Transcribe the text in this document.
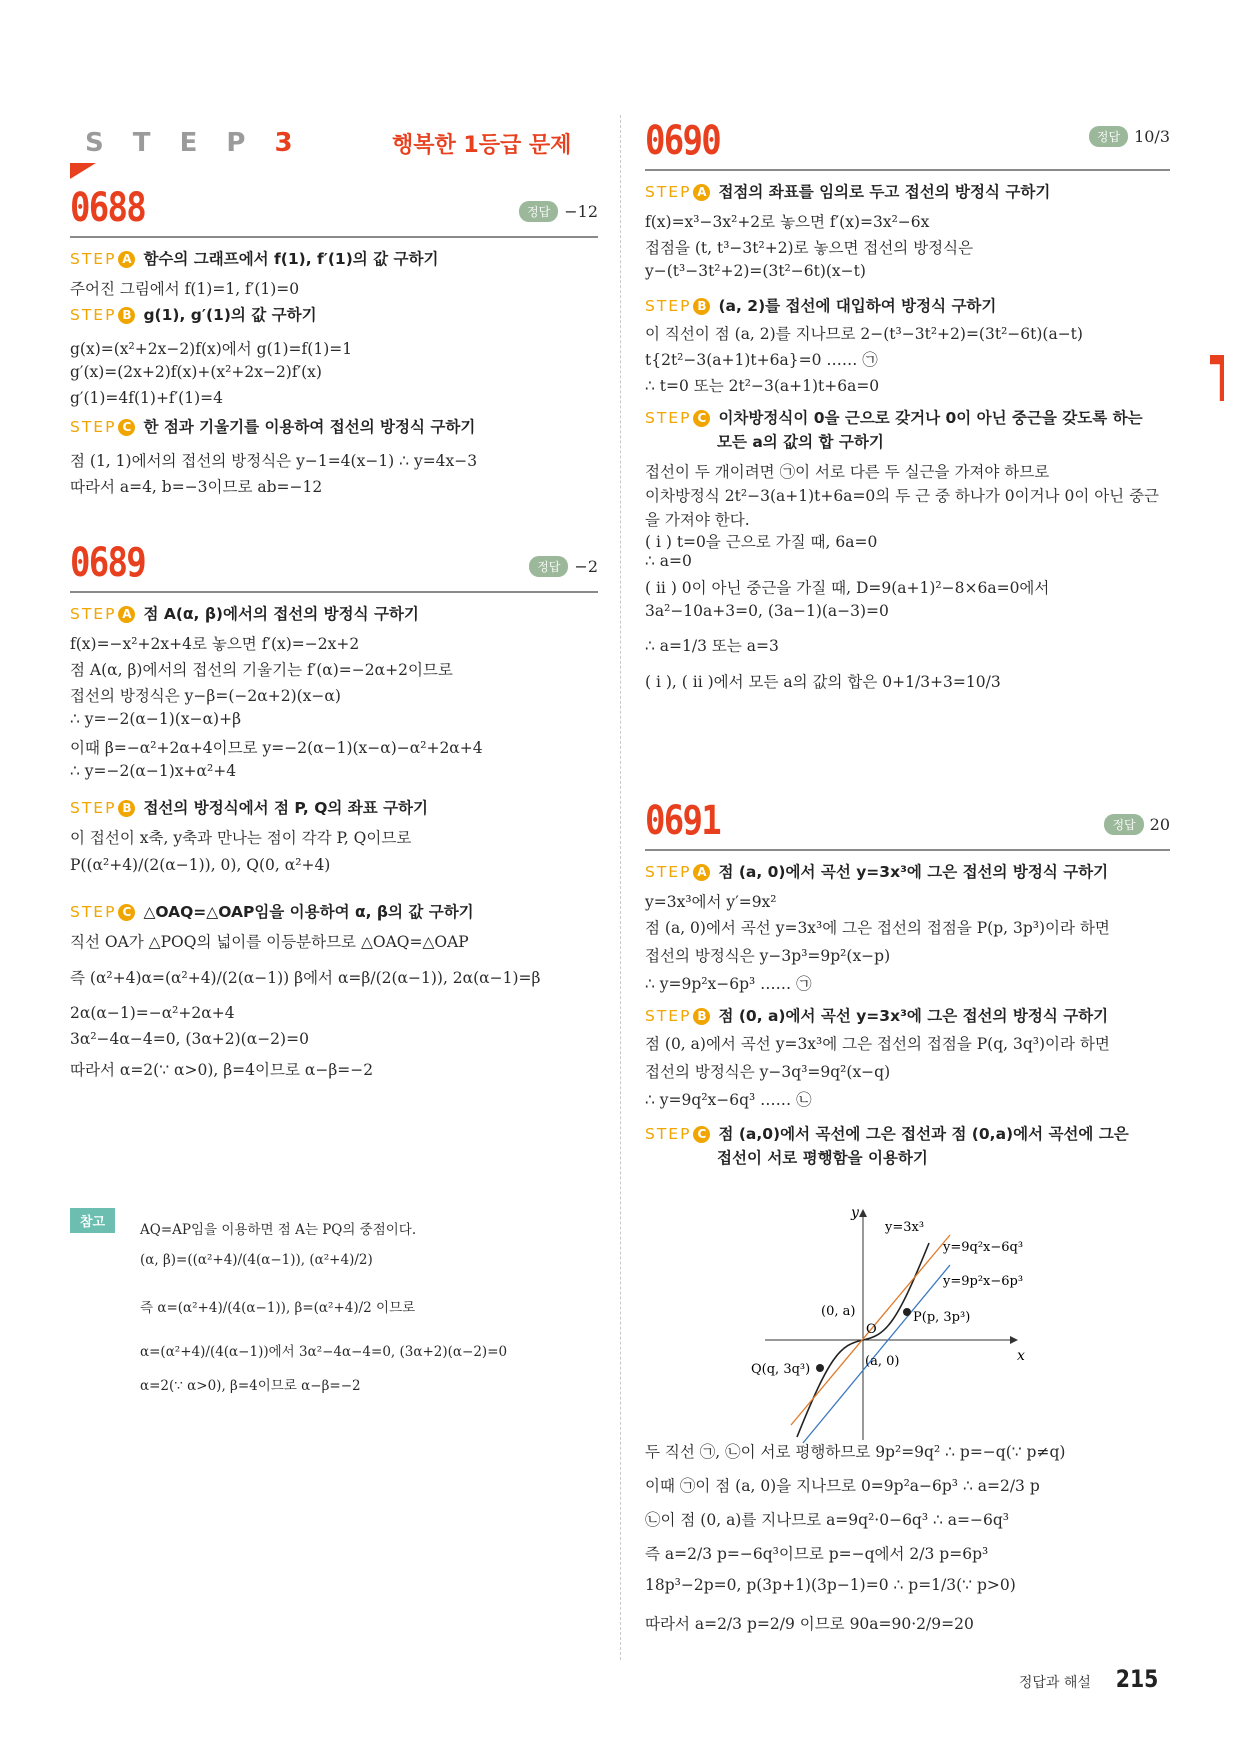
S T E P 3	행복한 1등급 문제
0688	정답 −12
STEP A 함수의 그래프에서 f(1), f′(1)의 값 구하기
주어진 그림에서 f(1)=1, f′(1)=0
STEP B g(1), g′(1)의 값 구하기
g(x)=(x²+2x−2)f(x)에서 g(1)=f(1)=1
g′(x)=(2x+2)f(x)+(x²+2x−2)f′(x)
g′(1)=4f(1)+f′(1)=4
STEP C 한 점과 기울기를 이용하여 접선의 방정식 구하기
점 (1, 1)에서의 접선의 방정식은 y−1=4(x−1) ∴ y=4x−3
따라서 a=4, b=−3이므로 ab=−12
0689	정답 −2
STEP A 점 A(α, β)에서의 접선의 방정식 구하기
f(x)=−x²+2x+4로 놓으면 f′(x)=−2x+2
점 A(α, β)에서의 접선의 기울기는 f′(α)=−2α+2이므로
접선의 방정식은 y−β=(−2α+2)(x−α)
∴ y=−2(α−1)(x−α)+β
이때 β=−α²+2α+4이므로 y=−2(α−1)(x−α)−α²+2α+4
∴ y=−2(α−1)x+α²+4
STEP B 접선의 방정식에서 점 P, Q의 좌표 구하기
이 접선이 x축, y축과 만나는 점이 각각 P, Q이므로
P((α²+4)/(2(α−1)), 0), Q(0, α²+4)
STEP C △OAQ=△OAP임을 이용하여 α, β의 값 구하기
직선 OA가 △POQ의 넓이를 이등분하므로 △OAQ=△OAP
즉 (α²+4)α=(α²+4)/(2(α−1)) β에서 α=β/(2(α−1)), 2α(α−1)=β
2α(α−1)=−α²+2α+4
3α²−4α−4=0, (3α+2)(α−2)=0
따라서 α=2(∵ α>0), β=4이므로 α−β=−2
참고	AQ=AP임을 이용하면 점 A는 PQ의 중점이다.
(α, β)=((α²+4)/(4(α−1)), (α²+4)/2)
즉 α=(α²+4)/(4(α−1)), β=(α²+4)/2 이므로
α=(α²+4)/(4(α−1))에서 3α²−4α−4=0, (3α+2)(α−2)=0
α=2(∵ α>0), β=4이므로 α−β=−2
0690	정답 10/3
STEP A 접점의 좌표를 임의로 두고 접선의 방정식 구하기
f(x)=x³−3x²+2로 놓으면 f′(x)=3x²−6x
접점을 (t, t³−3t²+2)로 놓으면 접선의 방정식은
y−(t³−3t²+2)=(3t²−6t)(x−t)
STEP B (a, 2)를 접선에 대입하여 방정식 구하기
이 직선이 점 (a, 2)를 지나므로 2−(t³−3t²+2)=(3t²−6t)(a−t)
t{2t²−3(a+1)t+6a}=0 …… ㉠
∴ t=0 또는 2t²−3(a+1)t+6a=0
STEP C 이차방정식이 0을 근으로 갖거나 0이 아닌 중근을 갖도록 하는
모든 a의 값의 합 구하기
접선이 두 개이려면 ㉠이 서로 다른 두 실근을 가져야 하므로
이차방정식 2t²−3(a+1)t+6a=0의 두 근 중 하나가 0이거나 0이 아닌 중근
을 가져야 한다.
( i ) t=0을 근으로 가질 때, 6a=0
∴ a=0
( ii ) 0이 아닌 중근을 가질 때, D=9(a+1)²−8×6a=0에서
3a²−10a+3=0, (3a−1)(a−3)=0
∴ a=1/3 또는 a=3
( i ), ( ii )에서 모든 a의 값의 합은 0+1/3+3=10/3
0691	정답 20
STEP A 점 (a, 0)에서 곡선 y=3x³에 그은 접선의 방정식 구하기
y=3x³에서 y′=9x²
점 (a, 0)에서 곡선 y=3x³에 그은 접선의 접점을 P(p, 3p³)이라 하면
접선의 방정식은 y−3p³=9p²(x−p)
∴ y=9p²x−6p³ …… ㉠
STEP B 점 (0, a)에서 곡선 y=3x³에 그은 접선의 방정식 구하기
점 (0, a)에서 곡선 y=3x³에 그은 접선의 접점을 P(q, 3q³)이라 하면
접선의 방정식은 y−3q³=9q²(x−q)
∴ y=9q²x−6q³ …… ㉡
STEP C 점 (a,0)에서 곡선에 그은 접선과 점 (0,a)에서 곡선에 그은
접선이 서로 평행함을 이용하기
두 직선 ㉠, ㉡이 서로 평행하므로 9p²=9q² ∴ p=−q(∵ p≠q)
이때 ㉠이 점 (a, 0)을 지나므로 0=9p²a−6p³ ∴ a=2/3 p
㉡이 점 (0, a)를 지나므로 a=9q²·0−6q³ ∴ a=−6q³
즉 a=2/3 p=−6q³이므로 p=−q에서 2/3 p=6p³
18p³−2p=0, p(3p+1)(3p−1)=0 ∴ p=1/3(∵ p>0)
따라서 a=2/3 p=2/9 이므로 90a=90·2/9=20
y
x
y=3x³
y=9q²x−6q³
y=9p²x−6p³
(0, a)
O
P(p, 3p³)
Q(q, 3q³)
(a, 0)
정답과 해설 215
